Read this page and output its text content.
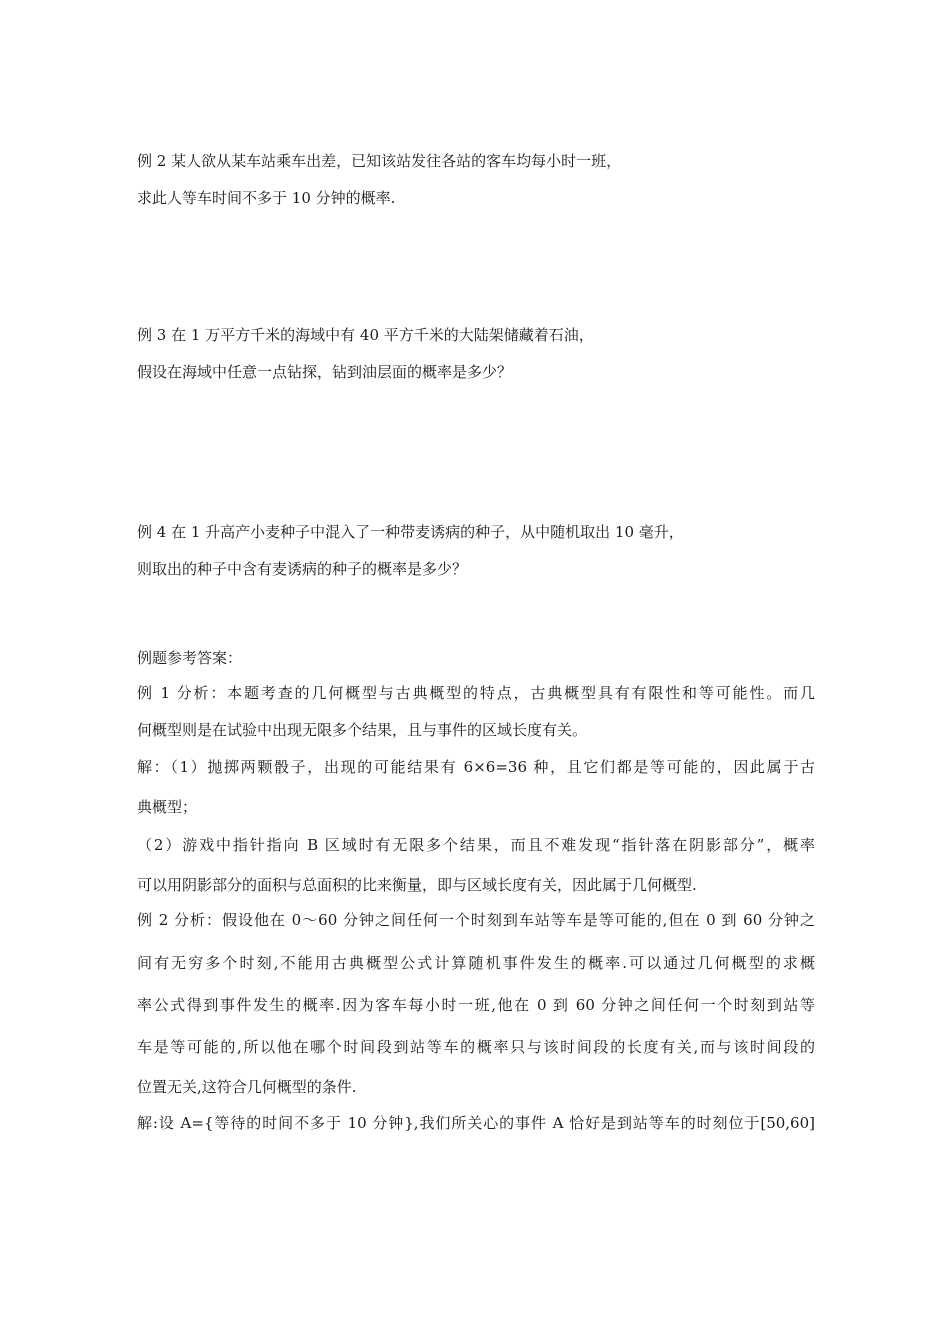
例 2 某人欲从某车站乘车出差，已知该站发往各站的客车均每小时一班，
求此人等车时间不多于 10 分钟的概率.
例 3 在 1 万平方千米的海域中有 40 平方千米的大陆架储藏着石油，
假设在海域中任意一点钻探，钻到油层面的概率是多少？
例 4 在 1 升高产小麦种子中混入了一种带麦诱病的种子，从中随机取出 10 毫升，
则取出的种子中含有麦诱病的种子的概率是多少？
例题参考答案：
例 1 分析：本题考查的几何概型与古典概型的特点，古典概型具有有限性和等可能性。而几
何概型则是在试验中出现无限多个结果，且与事件的区域长度有关。
解：（1）抛掷两颗骰子，出现的可能结果有 6×6=36 种，且它们都是等可能的，因此属于古
典概型；
（2）游戏中指针指向 B 区域时有无限多个结果，而且不难发现“指针落在阴影部分”，概率
可以用阴影部分的面积与总面积的比来衡量，即与区域长度有关，因此属于几何概型.
例 2 分析：假设他在 0～60 分钟之间任何一个时刻到车站等车是等可能的,但在 0 到 60 分钟之
间有无穷多个时刻,不能用古典概型公式计算随机事件发生的概率.可以通过几何概型的求概
率公式得到事件发生的概率.因为客车每小时一班,他在 0 到 60 分钟之间任何一个时刻到站等
车是等可能的,所以他在哪个时间段到站等车的概率只与该时间段的长度有关,而与该时间段的
位置无关,这符合几何概型的条件.
解:设 A={等待的时间不多于 10 分钟},我们所关心的事件 A 恰好是到站等车的时刻位于[50,60]
